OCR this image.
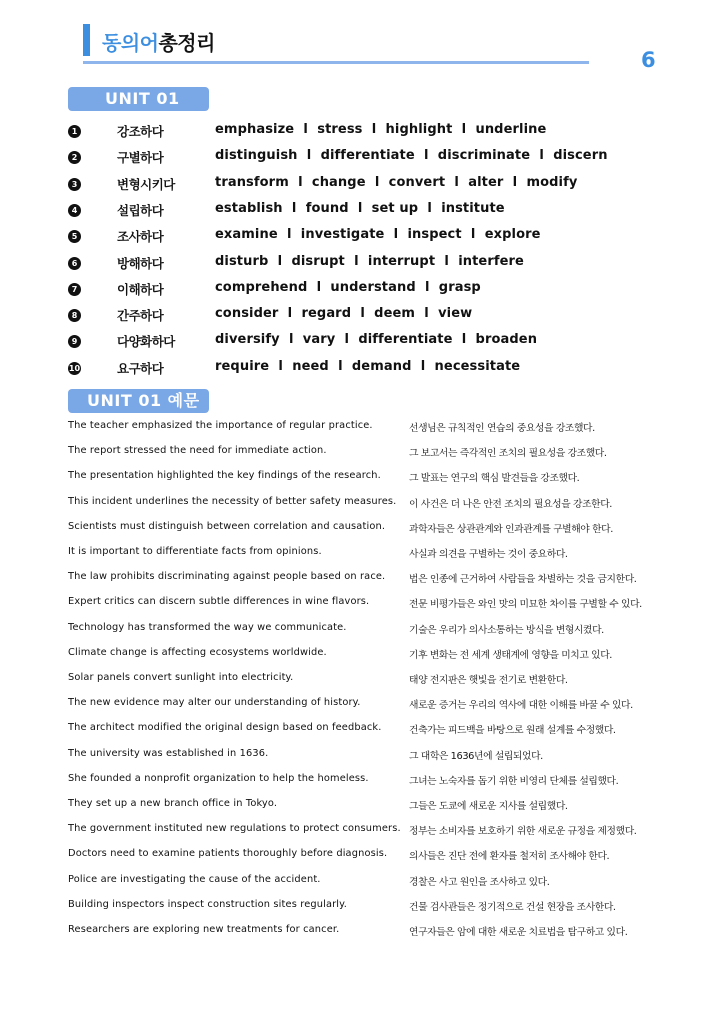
동의어총정리
6
UNIT 01
1	강조하다	emphasize  l  stress  l  highlight  l  underline
2	구별하다	distinguish  l  differentiate  l  discriminate  l  discern
3	변형시키다	transform  l  change  l  convert  l  alter  l  modify
4	설립하다	establish  l  found  l  set up  l  institute
5	조사하다	examine  l  investigate  l  inspect  l  explore
6	방해하다	disturb  l  disrupt  l  interrupt  l  interfere
7	이해하다	comprehend  l  understand  l  grasp
8	간주하다	consider  l  regard  l  deem  l  view
9	다양화하다	diversify  l  vary  l  differentiate  l  broaden
10	요구하다	require  l  need  l  demand  l  necessitate
UNIT 01 예문
The teacher emphasized the importance of regular practice.	선생님은 규칙적인 연습의 중요성을 강조했다.
The report stressed the need for immediate action.	그 보고서는 즉각적인 조치의 필요성을 강조했다.
The presentation highlighted the key findings of the research.	그 발표는 연구의 핵심 발견들을 강조했다.
This incident underlines the necessity of better safety measures. 이 사건은 더 나은 안전 조치의 필요성을 강조한다.
Scientists must distinguish between correlation and causation. 과학자들은 상관관계와 인과관계를 구별해야 한다.
It is important to differentiate facts from opinions.	사실과 의견을 구별하는 것이 중요하다.
The law prohibits discriminating against people based on race. 법은 인종에 근거하여 사람들을 차별하는 것을 금지한다.
Expert critics can discern subtle differences in wine flavors.	전문 비평가들은 와인 맛의 미묘한 차이를 구별할 수 있다.
Technology has transformed the way we communicate.	기술은 우리가 의사소통하는 방식을 변형시켰다.
Climate change is affecting ecosystems worldwide.	기후 변화는 전 세계 생태계에 영향을 미치고 있다.
Solar panels convert sunlight into electricity.	태양 전지판은 햇빛을 전기로 변환한다.
The new evidence may alter our understanding of history.	새로운 증거는 우리의 역사에 대한 이해를 바꿀 수 있다.
The architect modified the original design based on feedback.	건축가는 피드백을 바탕으로 원래 설계를 수정했다.
The university was established in 1636.	그 대학은 1636년에 설립되었다.
She founded a nonprofit organization to help the homeless.	그녀는 노숙자를 돕기 위한 비영리 단체를 설립했다.
They set up a new branch office in Tokyo.	그들은 도쿄에 새로운 지사를 설립했다.
The government instituted new regulations to protect consumers. 정부는 소비자를 보호하기 위한 새로운 규정을 제정했다.
Doctors need to examine patients thoroughly before diagnosis. 의사들은 진단 전에 환자를 철저히 조사해야 한다.
Police are investigating the cause of the accident.	경찰은 사고 원인을 조사하고 있다.
Building inspectors inspect construction sites regularly.	건물 검사관들은 정기적으로 건설 현장을 조사한다.
Researchers are exploring new treatments for cancer.	연구자들은 암에 대한 새로운 치료법을 탐구하고 있다.
